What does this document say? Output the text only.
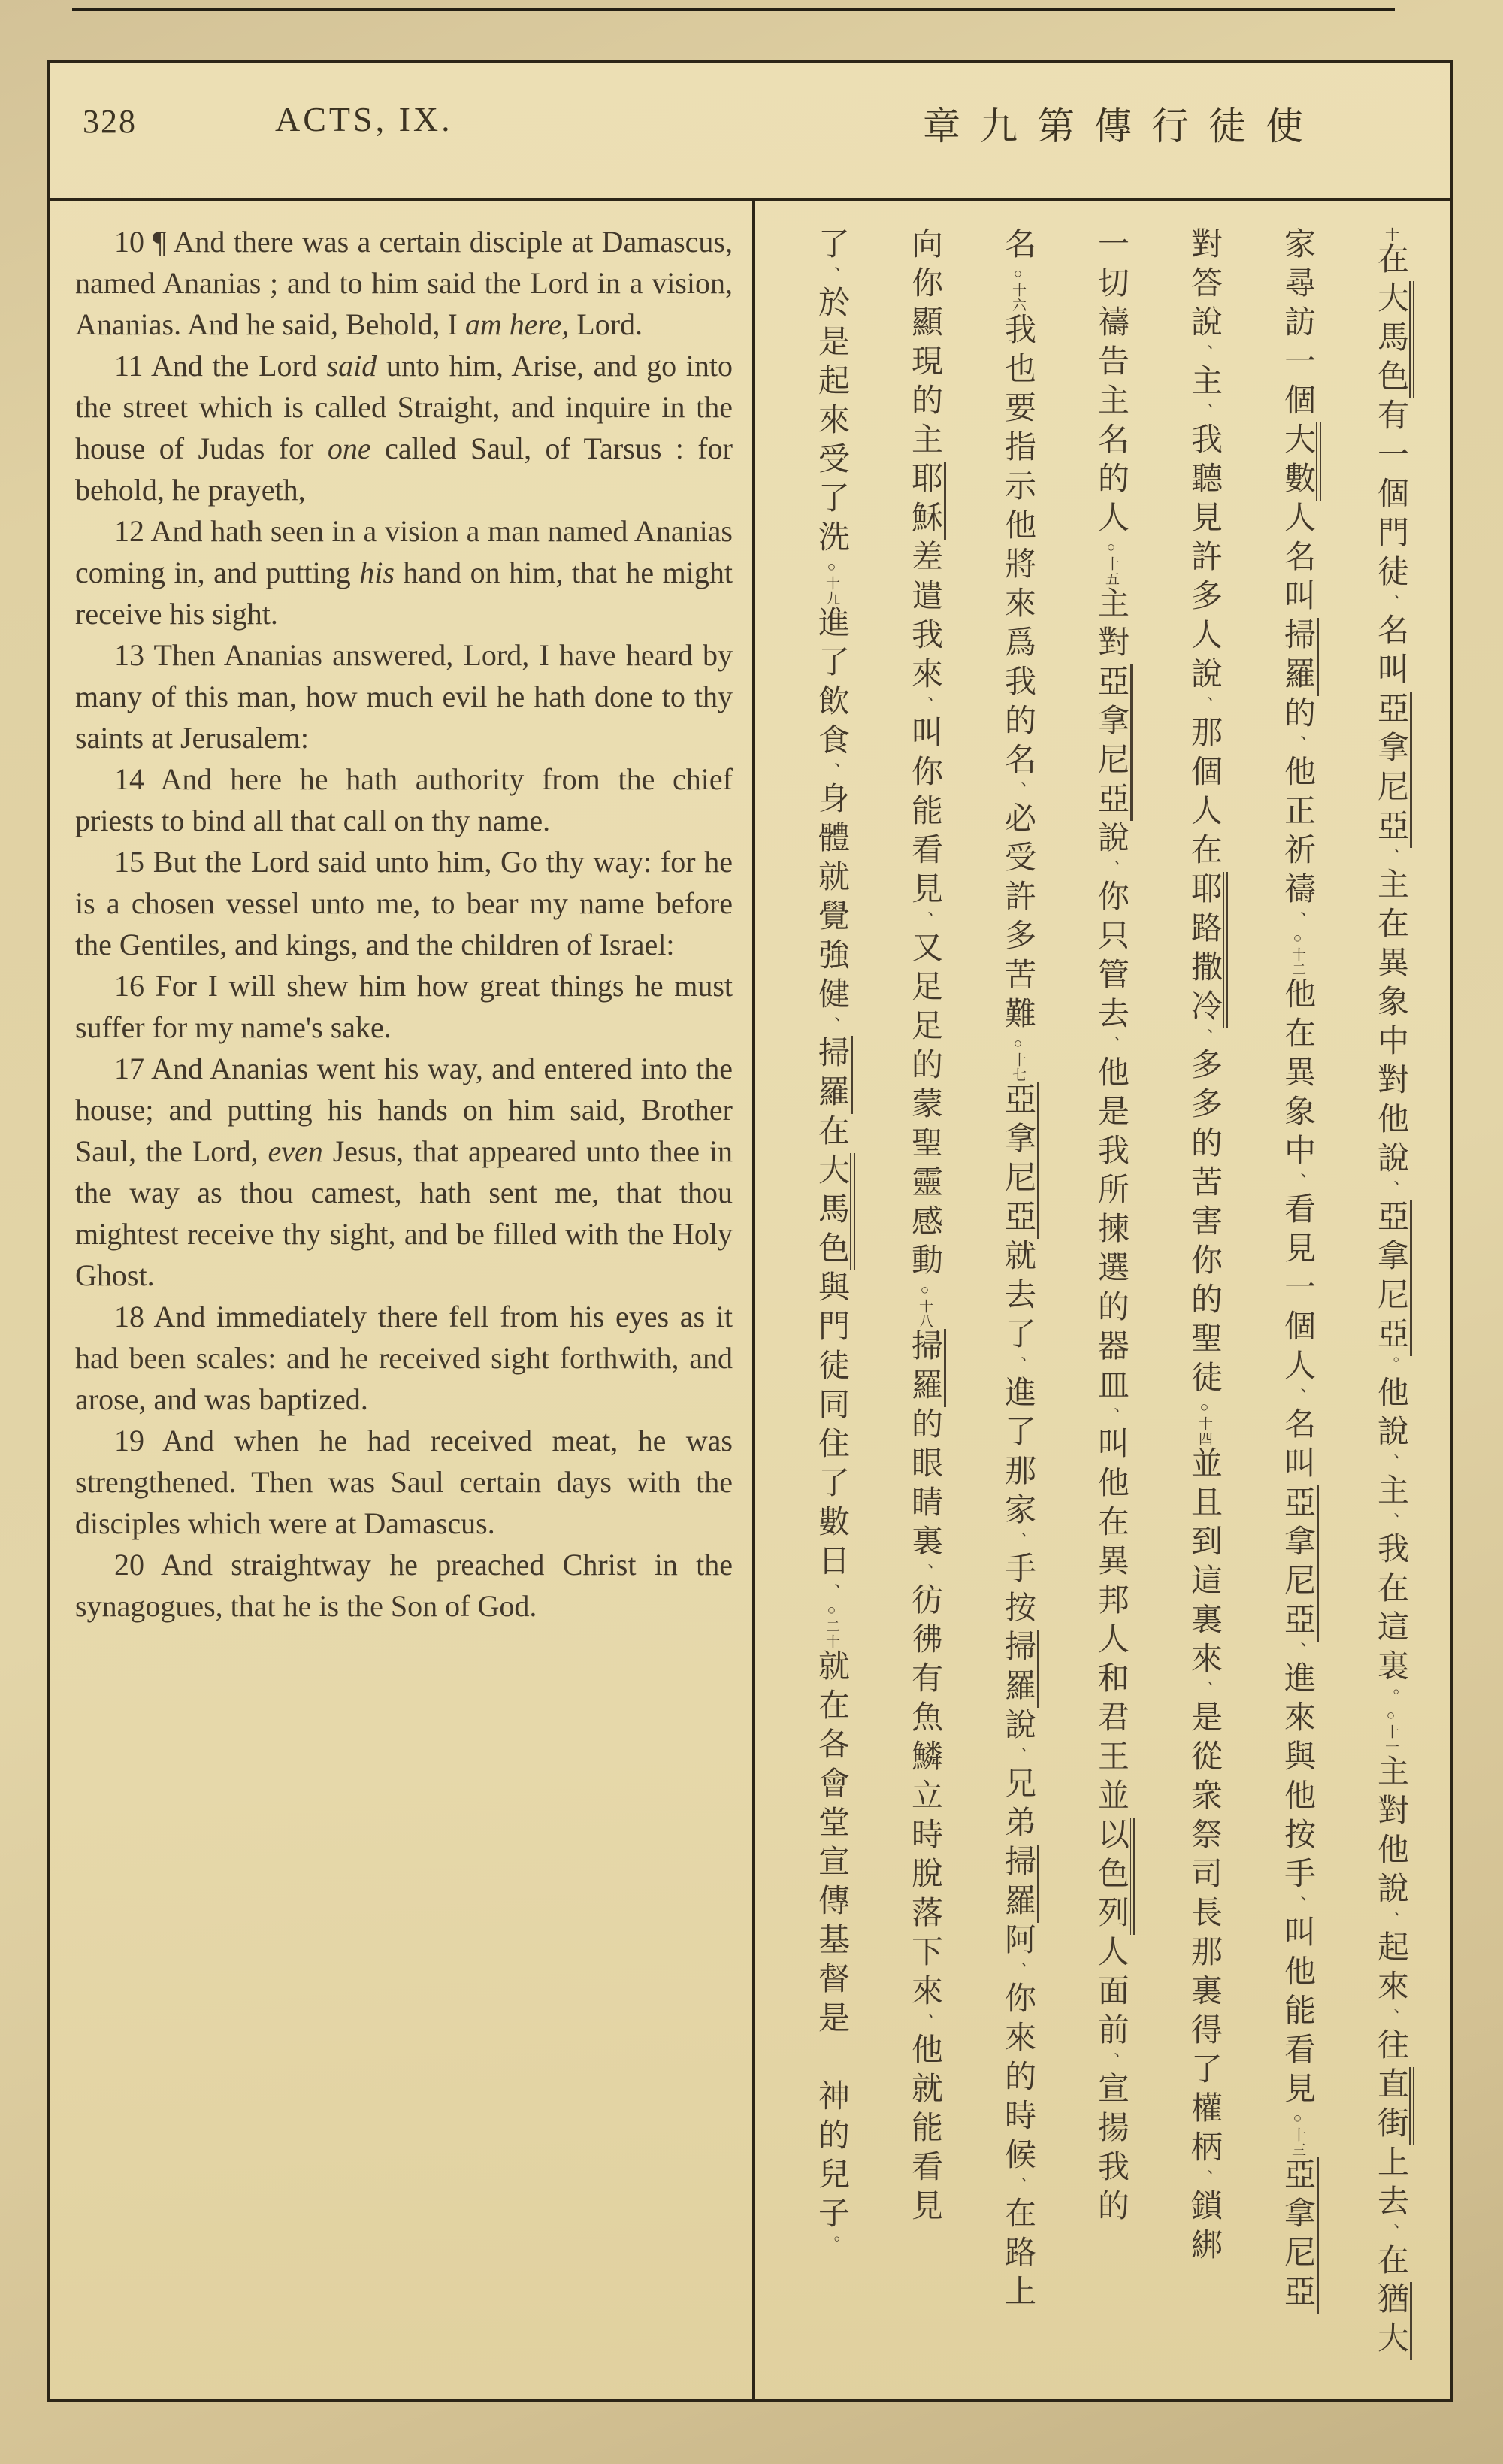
328	ACTS, IX.	章九第傳行徒使

10 ¶ And there was a certain disciple at Damascus, named Ananias ; and to him said the Lord in a vision, Ananias. And he said, Behold, I am here, Lord.

11 And the Lord said unto him, Arise, and go into the street which is called Straight, and inquire in the house of Judas for one called Saul, of Tarsus : for behold, he prayeth,

12 And hath seen in a vision a man named Ananias coming in, and putting his hand on him, that he might receive his sight.

13 Then Ananias answered, Lord, I have heard by many of this man, how much evil he hath done to thy saints at Jerusalem:

14 And here he hath authority from the chief priests to bind all that call on thy name.

15 But the Lord said unto him, Go thy way: for he is a chosen vessel unto me, to bear my name before the Gentiles, and kings, and the children of Israel:

16 For I will shew him how great things he must suffer for my name's sake.

17 And Ananias went his way, and entered into the house; and putting his hands on him said, Brother Saul, the Lord, even Jesus, that appeared unto thee in the way as thou camest, hath sent me, that thou mightest receive thy sight, and be filled with the Holy Ghost.

18 And immediately there fell from his eyes as it had been scales: and he received sight forthwith, and arose, and was baptized.

19 And when he had received meat, he was strengthened. Then was Saul certain days with the disciples which were at Damascus.

20 And straightway he preached Christ in the synagogues, that he is the Son of God.

十在大馬色有一個門徒、名叫亞拿尼亞、主在異象中對他說、亞拿尼亞。他說、主、我在這裏。○十一主對他說、起來、往直街上去、在猶大
家尋訪一個大數人名叫掃羅的、他正祈禱、○十二他在異象中、看見一個人、名叫亞拿尼亞、進來與他按手、叫他能看見○十三亞拿尼亞
對答說、主、我聽見許多人說、那個人在耶路撒冷、多多的苦害你的聖徒○十四並且到這裏來、是從衆祭司長那裏得了權柄、鎖綁
一切禱告主名的人○十五主對亞拿尼亞說、你只管去、他是我所揀選的器皿、叫他在異邦人和君王並以色列人面前、宣揚我的
名○十六我也要指示他將來爲我的名、必受許多苦難○十七亞拿尼亞就去了、進了那家、手按掃羅說、兄弟掃羅阿、你來的時候、在路上
向你顯現的主耶穌差遣我來、叫你能看見、又足足的蒙聖靈感動○十八掃羅的眼睛裏、彷彿有魚鱗立時脫落下來、他就能看見
了、於是起來受了洗○十九進了飲食、身體就覺強健、掃羅在大馬色與門徒同住了數日、○二十就在各會堂宣傳基督是　神的兒子。
